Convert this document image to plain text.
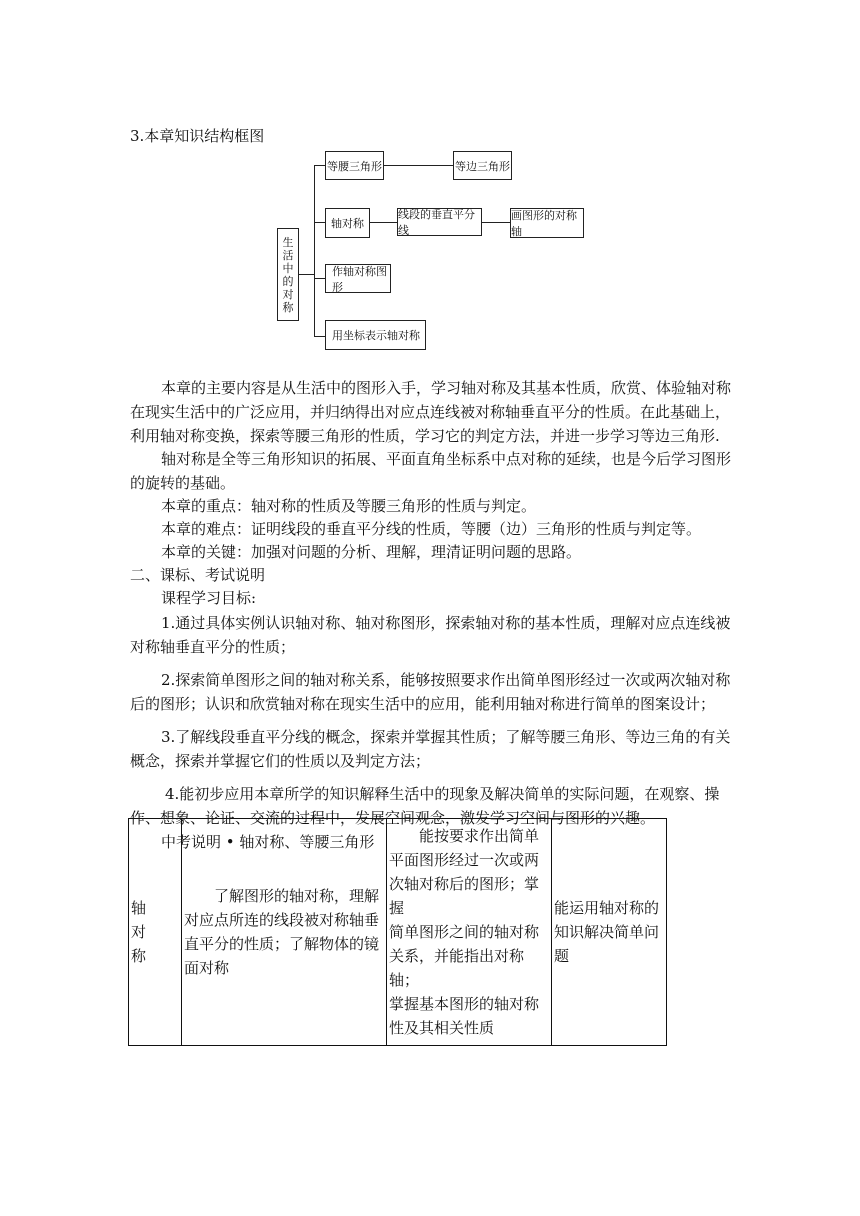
3.本章知识结构框图
生
活
中
的
对
称
等腰三角形	等边三角形
轴对称
线段的垂直平分线
画图形的对称轴
作轴对称图形
用坐标表示轴对称
本章的主要内容是从生活中的图形入手，学习轴对称及其基本性质，欣赏、体验轴对称
在现实生活中的广泛应用，并归纳得出对应点连线被对称轴垂直平分的性质。在此基础上，
利用轴对称变换，探索等腰三角形的性质，学习它的判定方法，并进一步学习等边三角形.
轴对称是全等三角形知识的拓展、平面直角坐标系中点对称的延续，也是今后学习图形
的旋转的基础。
本章的重点：轴对称的性质及等腰三角形的性质与判定。
本章的难点：证明线段的垂直平分线的性质，等腰（边）三角形的性质与判定等。
本章的关键：加强对问题的分析、理解，理清证明问题的思路。
二、课标、考试说明
课程学习目标:
1.通过具体实例认识轴对称、轴对称图形，探索轴对称的基本性质，理解对应点连线被
对称轴垂直平分的性质；
2.探索简单图形之间的轴对称关系，能够按照要求作出简单图形经过一次或两次轴对称
后的图形；认识和欣赏轴对称在现实生活中的应用，能利用轴对称进行简单的图案设计；
3.了解线段垂直平分线的概念，探索并掌握其性质；了解等腰三角形、等边三角的有关
概念，探索并掌握它们的性质以及判定方法；
4.能初步应用本章所学的知识解释生活中的现象及解决简单的实际问题，在观察、操
作、想象、论证、交流的过程中，发展空间观念，激发学习空间与图形的兴趣。
中考说明 • 轴对称、等腰三角形
轴
对
称

　　了解图形的轴对称，理解
对应点所连的线段被对称轴垂
直平分的性质；了解物体的镜
面对称

　　能按要求作出简单
平面图形经过一次或两
次轴对称后的图形；掌握
简单图形之间的轴对称
关系，并能指出对称轴；
掌握基本图形的轴对称
性及其相关性质

能运用轴对称的
知识解决简单问
题
